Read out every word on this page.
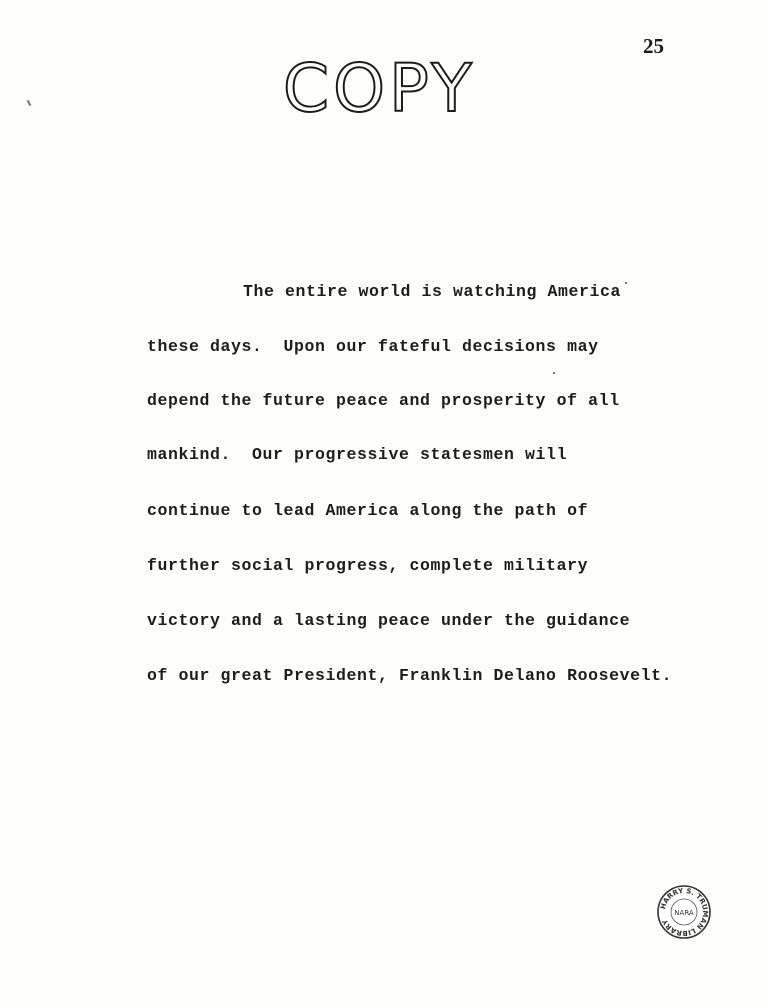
25
COPY
The entire world is watching America
these days.  Upon our fateful decisions may
depend the future peace and prosperity of all
mankind.  Our progressive statesmen will
continue to lead America along the path of
further social progress, complete military
victory and a lasting peace under the guidance
of our great President, Franklin Delano Roosevelt.
HARRY S. TRUMAN LIBRARY
NARA
